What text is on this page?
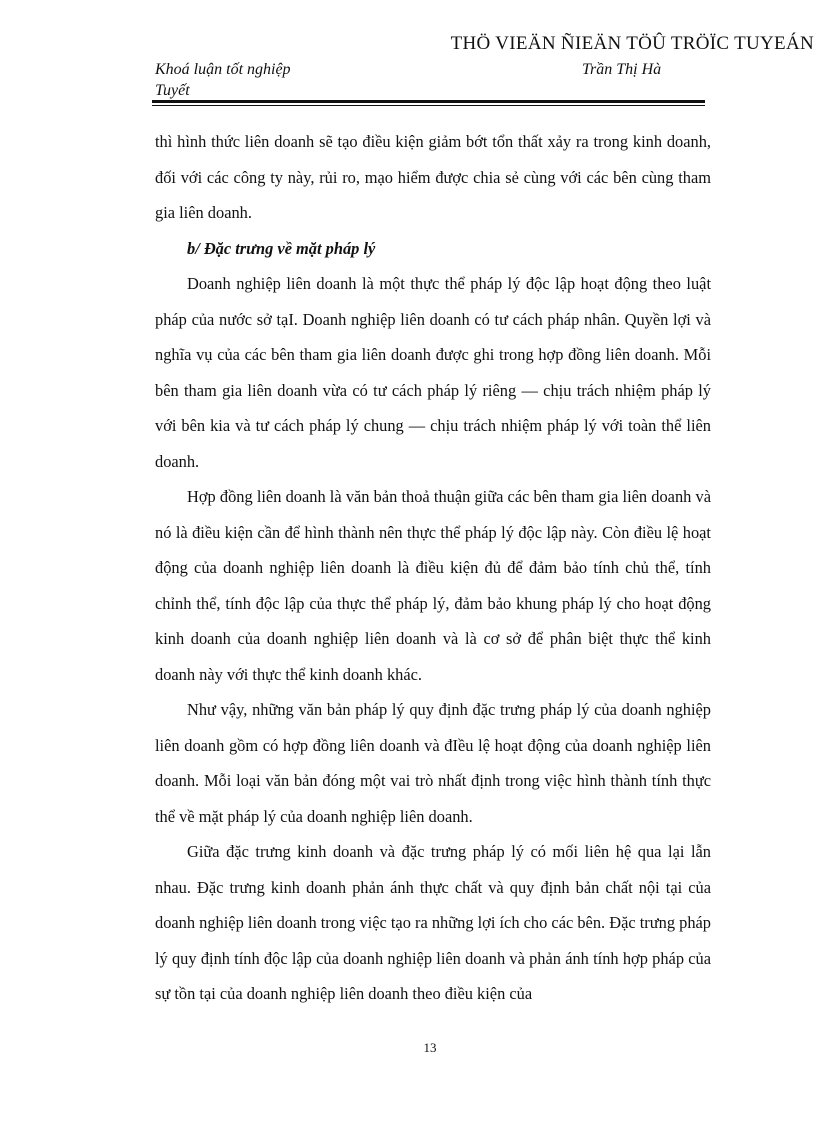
THÖ VIEÄN ÑIEÄN TÖÛ TRÖÏC TUYEÁN
Khoá luận tốt nghiệp
Tuyết
Trần Thị Hà

thì hình thức liên doanh sẽ tạo điều kiện giảm bớt tổn thất xảy ra trong kinh doanh, đối với các công ty này, rủi ro, mạo hiểm được chia sẻ cùng với các bên cùng tham gia liên doanh.

b/ Đặc trưng về mặt pháp lý

Doanh nghiệp liên doanh là một thực thể pháp lý độc lập hoạt động theo luật pháp của nước sở tạI. Doanh nghiệp liên doanh có tư cách pháp nhân. Quyền lợi và nghĩa vụ của các bên tham gia liên doanh được ghi trong hợp đồng liên doanh. Mỗi bên tham gia liên doanh vừa có tư cách pháp lý riêng — chịu trách nhiệm pháp lý với bên kia và tư cách pháp lý chung — chịu trách nhiệm pháp lý với toàn thể liên doanh.

Hợp đồng liên doanh là văn bản thoả thuận giữa các bên tham gia liên doanh và nó là điều kiện cần để hình thành nên thực thể pháp lý độc lập này. Còn điều lệ hoạt động của doanh nghiệp liên doanh là điều kiện đủ để đảm bảo tính chủ thể, tính chỉnh thể, tính độc lập của thực thể pháp lý, đảm bảo khung pháp lý cho hoạt động kinh doanh của doanh nghiệp liên doanh và là cơ sở để phân biệt thực thể kinh doanh này với thực thể kinh doanh khác.

Như vậy, những văn bản pháp lý quy định đặc trưng pháp lý của doanh nghiệp liên doanh gồm có hợp đồng liên doanh và đIều lệ hoạt động của doanh nghiệp liên doanh. Mỗi loại văn bản đóng một vai trò nhất định trong việc hình thành tính thực thể về mặt pháp lý của doanh nghiệp liên doanh.

Giữa đặc trưng kinh doanh và đặc trưng pháp lý có mối liên hệ qua lại lẫn nhau. Đặc trưng kinh doanh phản ánh thực chất và quy định bản chất nội tại của doanh nghiệp liên doanh trong việc tạo ra những lợi ích cho các bên. Đặc trưng pháp lý quy định tính độc lập của doanh nghiệp liên doanh và phản ánh tính hợp pháp của sự tồn tại của doanh nghiệp liên doanh theo điều kiện của

13
